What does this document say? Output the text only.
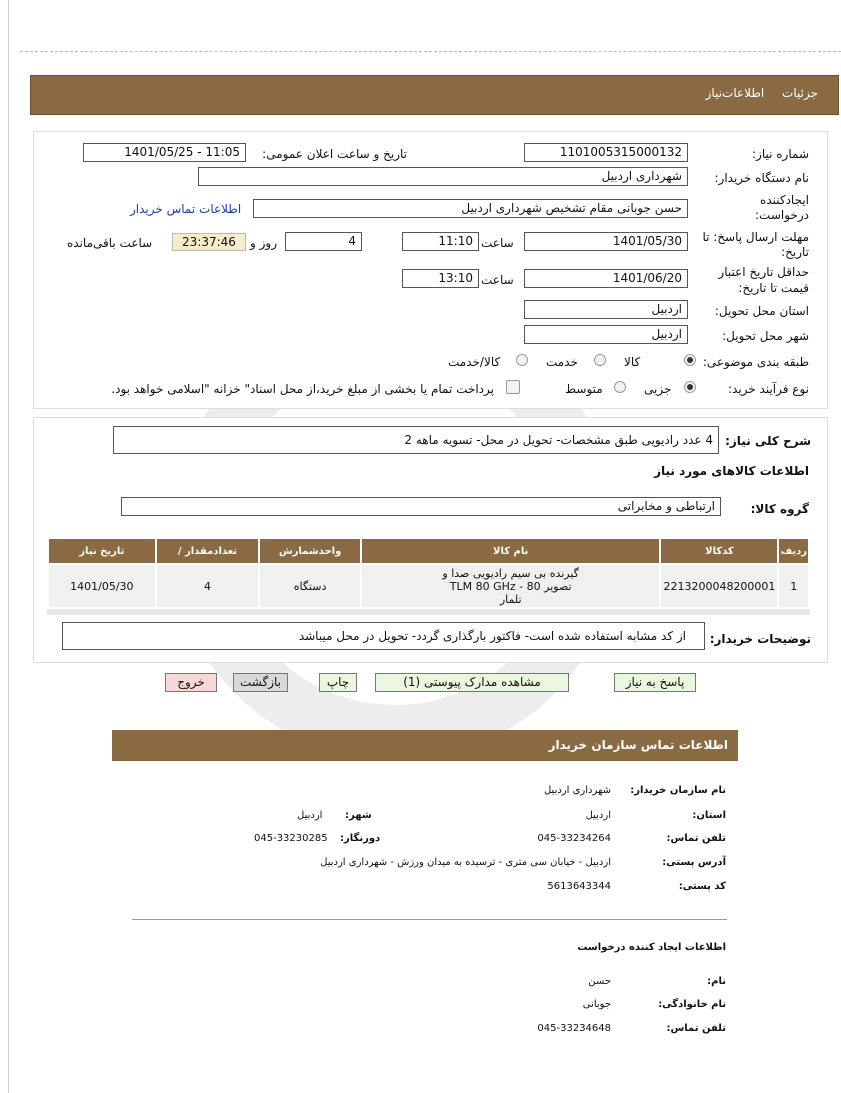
جزئیات اطلاعات‌نیاز
شماره نیاز:
1101005315000132
تاریخ و ساعت اعلان عمومی:
1401/05/25 - 11:05
نام دستگاه خریدار:
شهرداری اردبیل
ایجادکننده
درخواست:
حسن جوبانی مقام تشخیص شهرداری اردبیل
اطلاعات تماس خریدار
مهلت ارسال پاسخ: تا
تاریخ:
1401/05/30
ساعت
11:10
4
روز و
23:37:46
ساعت باقی‌مانده
حداقل تاریخ اعتبار
قیمت تا تاریخ:
1401/06/20
ساعت
13:10
استان محل تحویل:
اردبیل
شهر محل تحویل:
اردبیل
طبقه بندی موضوعی:
کالا
خدمت
کالا/خدمت
نوع فرآیند خرید:
جزیی
متوسط
پرداخت تمام یا بخشی از مبلغ خرید،از محل اسناد" خزانه "اسلامی خواهد بود.
شرح کلی نیاز:
4 عدد رادیویی طبق مشخصات- تحویل در محل- تسویه ماهه 2
اطلاعات کالاهای مورد نیاز
گروه کالا:
ارتباطی و مخابراتی
ردیف	کدکالا	نام کالا	واحدشمارش	تعدادمقدار /	تاریخ نیاز
1	2213200048200001	گیرنده بی سیم رادیویی صدا و
تصویر 80 - TLM 80 GHz
تلمار	دستگاه	4	1401/05/30
توضیحات خریدار:
از کد مشابه استفاده شده است- فاکتور بارگذاری گردد- تحویل در محل میباشد
پاسخ به نیاز
مشاهده مدارک پیوستی (1)
چاپ
بازگشت
خروج
اطلاعات تماس سازمان خریدار
نام سازمان خریدار:
شهرداری اردبیل
استان:
اردبیل
شهر:
اردبیل
تلفن تماس:
045-33234264
دورنگار:
045-33230285
آدرس پستی:
اردبیل - خیابان سی متری - ترسیده به میدان ورزش - شهرداری اردبیل
کد پستی:
5613643344
اطلاعات ایجاد کننده درخواست
نام:
حسن
نام خانوادگی:
جوبانی
تلفن تماس:
045-33234648
